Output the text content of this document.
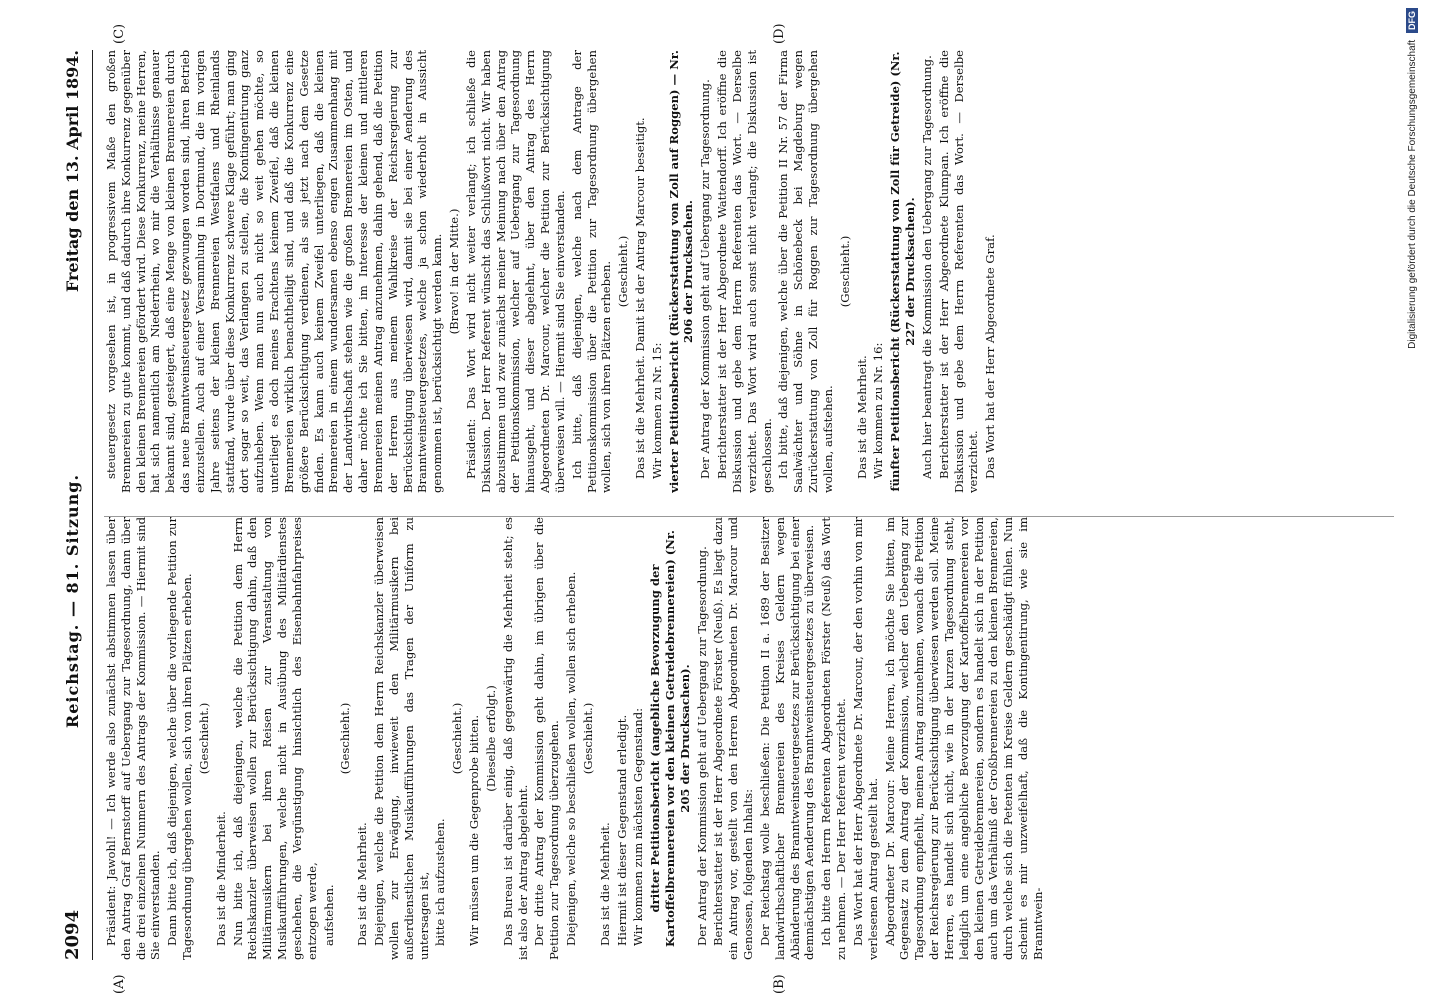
2094
Reichstag. — 81. Sitzung.
Freitag den 13. April 1894.
(A)	(B)
(C)	(D)

Präsident: Jawohl! — Ich werde also zunächst abstimmen lassen über den Antrag Graf Bernstorff auf Uebergang zur Tagesordnung, dann über die drei einzelnen Nummern des Antrags der Kommission. — Hiermit sind Sie einverstanden. Dann bitte ich, daß diejenigen, welche über die vorliegende Petition zur Tagesordnung übergehen wollen, sich von ihren Plätzen erheben. (Geschieht.)

Das ist die Minderheit. Nun bitte ich, daß diejenigen, welche die Petition dem Herrn Reichskanzler überweisen wollen zur Berücksichtigung dahin, daß den Militärmusikern bei ihren Reisen zur Veranstaltung von Musikaufführungen, welche nicht in Ausübung des Militärdienstes geschehen, die Vergünstigung hinsichtlich des Eisenbahnfahrpreises entzogen werde, aufstehen.

(Geschieht.)

Das ist die Mehrheit. Diejenigen, welche die Petition dem Herrn Reichskanzler überweisen wollen zur Erwägung, inwieweit den Militärmusikern bei außerdienstlichen Musikaufführungen das Tragen der Uniform zu untersagen ist, bitte ich aufzustehen.

(Geschieht.) Wir müssen um die Gegenprobe bitten. (Dieselbe erfolgt.) Das Bureau ist darüber einig, daß gegenwärtig die Mehrheit steht; es ist also der Antrag abgelehnt. Der dritte Antrag der Kommission geht dahin, im übrigen über die Petition zur Tagesordnung überzugehen. Diejenigen, welche so beschließen wollen, wollen sich erheben. (Geschieht.)

Das ist die Mehrheit. Hiermit ist dieser Gegenstand erledigt. Wir kommen zum nächsten Gegenstand: dritter Petitionsbericht (angebliche Bevorzugung der Kartoffelbrennereien vor den kleinen Getreidebrennereien) (Nr. 205 der Drucksachen). Der Antrag der Kommission geht auf Uebergang zur Tagesordnung. Berichterstatter ist der Herr Abgeordnete Förster (Neuß). Es liegt dazu ein Antrag vor, gestellt von den Herren Abgeordneten Dr. Marcour und Genossen, folgenden Inhalts: Der Reichstag wolle beschließen: Die Petition II a. 1689 der Besitzer landwirthschaftlicher Brennereien des Kreises Geldern wegen Abänderung des Branntweinsteuergesetzes zur Berücksichtigung bei einer demnächstigen Aenderung des Branntweinsteuergesetzes zu überweisen. Ich bitte den Herrn Referenten Abgeordneten Förster (Neuß) das Wort zu nehmen. — Der Herr Referent verzichtet. Das Wort hat der Herr Abgeordnete Dr. Marcour, der den vorhin von mir verlesenen Antrag gestellt hat. Abgeordneter Dr. Marcour: Meine Herren, ich möchte Sie bitten, im Gegensatz zu dem Antrag der Kommission, welcher den Uebergang zur Tagesordnung empfiehlt, meinen Antrag anzunehmen, wonach die Petition der Reichsregierung zur Berücksichtigung überwiesen werden soll. Meine Herren, es handelt sich nicht, wie in der kurzen Tagesordnung steht, lediglich um eine angebliche Bevorzugung der Kartoffelbrennereien vor den kleinen Getreidebrennereien, sondern es handelt sich in der Petition auch um das Verhältniß der Großbrennereien zu den kleinen Brennereien, durch welche sich die Petenten im Kreise Geldern geschädigt fühlen. Nun scheint es mir unzweifelhaft, daß die Kontingentirung, wie sie im Branntwein-

steuergesetz vorgesehen ist, in progressivem Maße den großen Brennereien zu gute kommt, und daß dadurch ihre Konkurrenz gegenüber den kleinen Brennereien gefördert wird. Diese Konkurrenz, meine Herren, hat sich namentlich am Niederrhein, wo mir die Verhältnisse genauer bekannt sind, gesteigert, daß eine Menge von kleinen Brennereien durch das neue Branntweinsteuergesetz gezwungen worden sind, ihren Betrieb einzustellen. Auch auf einer Versammlung in Dortmund, die im vorigen Jahre seitens der kleinen Brennereien Westfalens und Rheinlands stattfand, wurde über diese Konkurrenz schwere Klage geführt; man ging dort sogar so weit, das Verlangen zu stellen, die Kontingentirung ganz aufzuheben. Wenn man nun auch nicht so weit gehen möchte, so unterliegt es doch meines Erachtens keinem Zweifel, daß die kleinen Brennereien wirklich benachtheiligt sind, und daß die Konkurrenz eine größere Berücksichtigung verdienen, als sie jetzt nach dem Gesetze finden. Es kann auch keinem Zweifel unterliegen, daß die kleinen Brennereien in einem wundersamen ebenso engen Zusammenhang mit der Landwirthschaft stehen wie die großen Brennereien im Osten, und daher möchte ich Sie bitten, im Interesse der kleinen und mittleren Brennereien meinen Antrag anzunehmen, dahin gehend, daß die Petition der Herren aus meinem Wahlkreise der Reichsregierung zur Berücksichtigung überwiesen wird, damit sie bei einer Aenderung des Branntweinsteuergesetzes, welche ja schon wiederholt in Aussicht genommen ist, berücksichtigt werden kann. (Bravo! in der Mitte.) Präsident: Das Wort wird nicht weiter verlangt; ich schließe die Diskussion. Der Herr Referent wünscht das Schlußwort nicht. Wir haben abzustimmen und zwar zunächst meiner Meinung nach über den Antrag der Petitionskommission, welcher auf Uebergang zur Tagesordnung hinausgeht, und dieser abgelehnt, über den Antrag des Herrn Abgeordneten Dr. Marcour, welcher die Petition zur Berücksichtigung überweisen will. — Hiermit sind Sie einverstanden. Ich bitte, daß diejenigen, welche nach dem Antrage der Petitionskommission über die Petition zur Tagesordnung übergehen wollen, sich von ihren Plätzen erheben. (Geschieht.) Das ist die Mehrheit. Damit ist der Antrag Marcour beseitigt. Wir kommen zu Nr. 15: vierter Petitionsbericht (Rückerstattung von Zoll auf Roggen) — Nr. 206 der Drucksachen. Der Antrag der Kommission geht auf Uebergang zur Tagesordnung. Berichterstatter ist der Herr Abgeordnete Wattendorff. Ich eröffne die Diskussion und gebe dem Herrn Referenten das Wort. — Derselbe verzichtet. Das Wort wird auch sonst nicht verlangt; die Diskussion ist geschlossen. Ich bitte, daß diejenigen, welche über die Petition II Nr. 57 der Firma Saalwächter und Söhne in Schönebeck bei Magdeburg wegen Zurückerstattung von Zoll für Roggen zur Tagesordnung übergehen wollen, aufstehen.

(Geschieht.)

Das ist die Mehrheit. Wir kommen zu Nr. 16: fünfter Petitionsbericht (Rückerstattung von Zoll für Getreide) (Nr. 227 der Drucksachen). Auch hier beantragt die Kommission den Uebergang zur Tagesordnung. Berichterstatter ist der Herr Abgeordnete Klumpan. Ich eröffne die Diskussion und gebe dem Herrn Referenten das Wort. — Derselbe verzichtet. Das Wort hat der Herr Abgeordnete Graf.

Digitalisierung gefördert durch die Deutsche Forschungsgemeinschaft DFG
